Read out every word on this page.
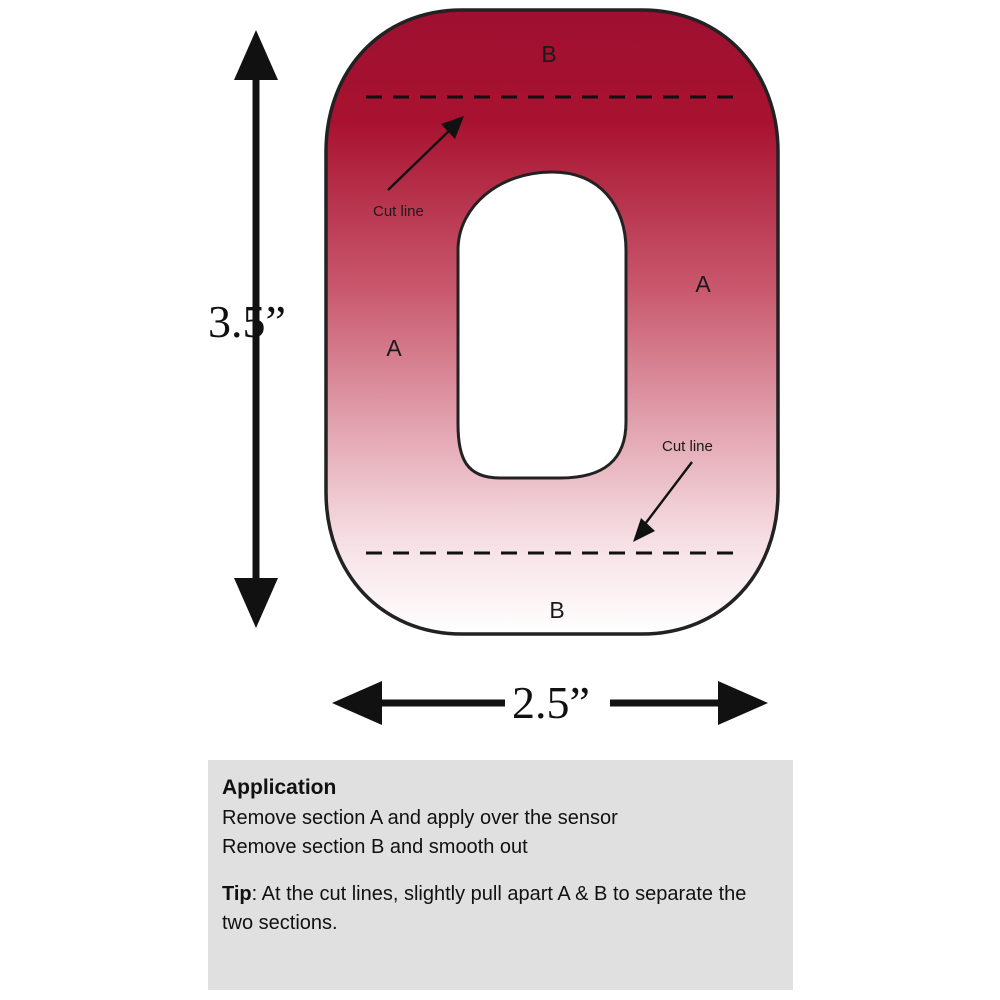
3.5”
2.5”
B
A
A
B
Cut line
Cut line

Application

Remove section A and apply over the sensor

Remove section B and smooth out

Tip: At the cut lines, slightly pull apart A & B to separate the two sections.
